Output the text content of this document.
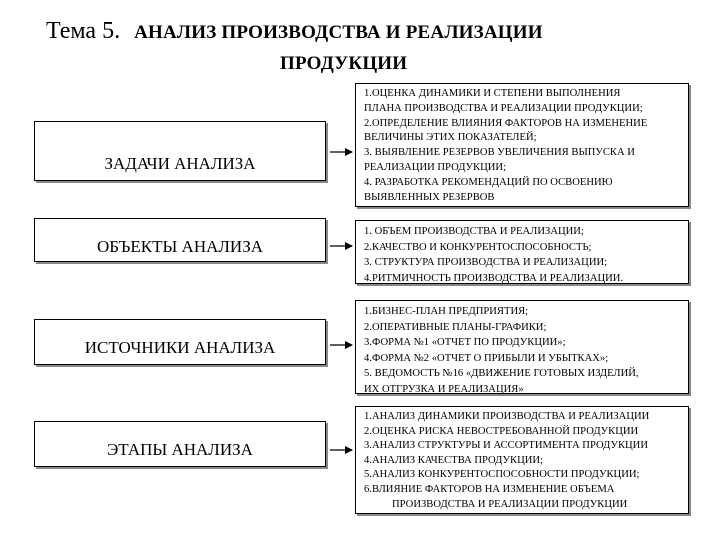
Тема 5. АНАЛИЗ ПРОИЗВОДСТВА И РЕАЛИЗАЦИИ
ПРОДУКЦИИ
ЗАДАЧИ АНАЛИЗА
1.ОЦЕНКА ДИНАМИКИ И СТЕПЕНИ ВЫПОЛНЕНИЯ
ПЛАНА ПРОИЗВОДСТВА И РЕАЛИЗАЦИИ ПРОДУКЦИИ;
2.ОПРЕДЕЛЕНИЕ ВЛИЯНИЯ ФАКТОРОВ НА ИЗМЕНЕНИЕ
ВЕЛИЧИНЫ ЭТИХ ПОКАЗАТЕЛЕЙ;
3. ВЫЯВЛЕНИЕ РЕЗЕРВОВ УВЕЛИЧЕНИЯ ВЫПУСКА И
РЕАЛИЗАЦИИ ПРОДУКЦИИ;
4. РАЗРАБОТКА РЕКОМЕНДАЦИЙ ПО ОСВОЕНИЮ
ВЫЯВЛЕННЫХ РЕЗЕРВОВ
ОБЪЕКТЫ АНАЛИЗА
1. ОБЪЕМ ПРОИЗВОДСТВА И РЕАЛИЗАЦИИ;
2.КАЧЕСТВО И КОНКУРЕНТОСПОСОБНОСТЬ;
3. СТРУКТУРА ПРОИЗВОДСТВА И РЕАЛИЗАЦИИ;
4.РИТМИЧНОСТЬ ПРОИЗВОДСТВА И РЕАЛИЗАЦИИ.
ИСТОЧНИКИ АНАЛИЗА
1.БИЗНЕС-ПЛАН ПРЕДПРИЯТИЯ;
2.ОПЕРАТИВНЫЕ ПЛАНЫ-ГРАФИКИ;
3.ФОРМА №1 «ОТЧЕТ ПО ПРОДУКЦИИ»;
4.ФОРМА №2 «ОТЧЕТ О ПРИБЫЛИ И УБЫТКАХ»;
5. ВЕДОМОСТЬ №16 «ДВИЖЕНИЕ ГОТОВЫХ ИЗДЕЛИЙ,
ИХ ОТГРУЗКА И РЕАЛИЗАЦИЯ»
ЭТАПЫ АНАЛИЗА
1.АНАЛИЗ ДИНАМИКИ ПРОИЗВОДСТВА И РЕАЛИЗАЦИИ
2.ОЦЕНКА РИСКА НЕВОСТРЕБОВАННОЙ ПРОДУКЦИИ
3.АНАЛИЗ СТРУКТУРЫ И АССОРТИМЕНТА ПРОДУКЦИИ
4.АНАЛИЗ КАЧЕСТВА ПРОДУКЦИИ;
5.АНАЛИЗ КОНКУРЕНТОСПОСОБНОСТИ ПРОДУКЦИИ;
6.ВЛИЯНИЕ ФАКТОРОВ НА ИЗМЕНЕНИЕ ОБЪЕМА
ПРОИЗВОДСТВА И РЕАЛИЗАЦИИ ПРОДУКЦИИ
